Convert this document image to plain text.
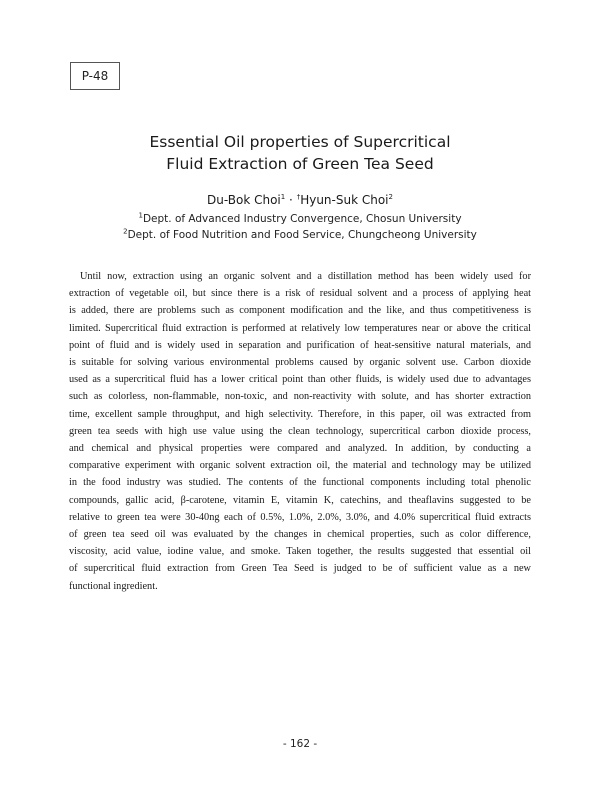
P-48
Essential Oil properties of Supercritical
Fluid Extraction of Green Tea Seed
Du-Bok Choi$^1$ · †Hyun-Suk Choi$^2$
$^1$Dept. of Advanced Industry Convergence, Chosun University
$^2$Dept. of Food Nutrition and Food Service, Chungcheong University
Until now, extraction using an organic solvent and a distillation method has been widely used for
extraction of vegetable oil, but since there is a risk of residual solvent and a process of applying heat
is added, there are problems such as component modification and the like, and thus competitiveness is
limited. Supercritical fluid extraction is performed at relatively low temperatures near or above the critical
point of fluid and is widely used in separation and purification of heat-sensitive natural materials, and
is suitable for solving various environmental problems caused by organic solvent use. Carbon dioxide
used as a supercritical fluid has a lower critical point than other fluids, is widely used due to advantages
such as colorless, non-flammable, non-toxic, and non-reactivity with solute, and has shorter extraction
time, excellent sample throughput, and high selectivity. Therefore, in this paper, oil was extracted from
green tea seeds with high use value using the clean technology, supercritical carbon dioxide process,
and chemical and physical properties were compared and analyzed. In addition, by conducting a
comparative experiment with organic solvent extraction oil, the material and technology may be utilized
in the food industry was studied. The contents of the functional components including total phenolic
compounds, gallic acid, β-carotene, vitamin E, vitamin K, catechins, and theaflavins suggested to be
relative to green tea were 30-40ng each of 0.5%, 1.0%, 2.0%, 3.0%, and 4.0% supercritical fluid extracts
of green tea seed oil was evaluated by the changes in chemical properties, such as color difference,
viscosity, acid value, iodine value, and smoke. Taken together, the results suggested that essential oil
of supercritical fluid extraction from Green Tea Seed is judged to be of sufficient value as a new
functional ingredient.
- 162 -
